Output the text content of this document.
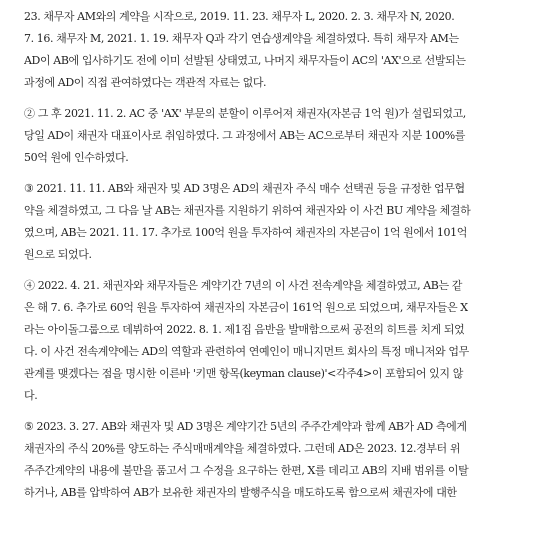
23. 채무자 AM와의 계약을 시작으로, 2019. 11. 23. 채무자 L, 2020. 2. 3. 채무자 N, 2020.
7. 16. 채무자 M, 2021. 1. 19. 채무자 Q과 각기 연습생계약을 체결하였다. 특히 채무자 AM는
AD이 AB에 입사하기도 전에 이미 선발된 상태였고, 나머지 채무자들이 AC의 'AX'으로 선발되는
과정에 AD이 직접 관여하였다는 객관적 자료는 없다.
② 그 후 2021. 11. 2. AC 중 'AX' 부문의 분할이 이루어져 채권자(자본금 1억 원)가 설립되었고,
당일 AD이 채권자 대표이사로 취임하였다. 그 과정에서 AB는 AC으로부터 채권자 지분 100%를
50억 원에 인수하였다.
③ 2021. 11. 11. AB와 채권자 및 AD 3명은 AD의 채권자 주식 매수 선택권 등을 규정한 업무협
약을 체결하였고, 그 다음 날 AB는 채권자를 지원하기 위하여 채권자와 이 사건 BU 계약을 체결하
였으며, AB는 2021. 11. 17. 추가로 100억 원을 투자하여 채권자의 자본금이 1억 원에서 101억
원으로 되었다.
④ 2022. 4. 21. 채권자와 채무자들은 계약기간 7년의 이 사건 전속계약을 체결하였고, AB는 같
은 해 7. 6. 추가로 60억 원을 투자하여 채권자의 자본금이 161억 원으로 되었으며, 채무자들은 X
라는 아이돌그룹으로 데뷔하여 2022. 8. 1. 제1집 음반을 발매함으로써 공전의 히트를 치게 되었
다. 이 사건 전속계약에는 AD의 역할과 관련하여 연예인이 매니지먼트 회사의 특정 매니저와 업무
관계를 맺겠다는 점을 명시한 이른바 '키맨 항목(keyman clause)'<각주4>이 포함되어 있지 않
다.
⑤ 2023. 3. 27. AB와 채권자 및 AD 3명은 계약기간 5년의 주주간계약과 함께 AB가 AD 측에게
채권자의 주식 20%를 양도하는 주식매매계약을 체결하였다. 그런데 AD은 2023. 12.경부터 위
주주간계약의 내용에 불만을 품고서 그 수정을 요구하는 한편, X를 데리고 AB의 지배 범위를 이탈
하거나, AB를 압박하여 AB가 보유한 채권자의 발행주식을 매도하도록 함으로써 채권자에 대한
